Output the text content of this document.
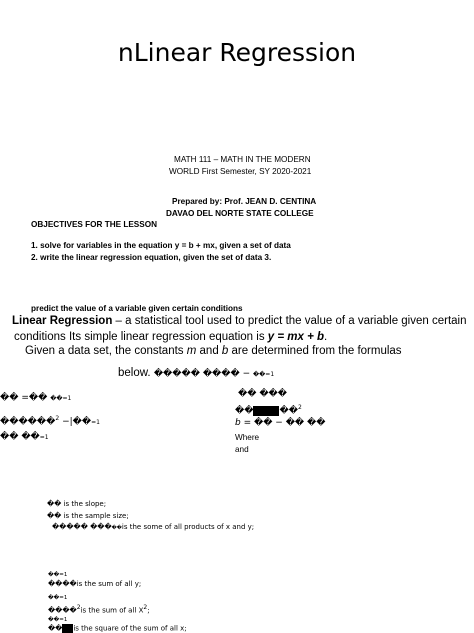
nLinear Regression
MATH 111 – MATH IN THE MODERN
WORLD First Semester, SY 2020-2021
Prepared by: Prof. JEAN D. CENTINA
DAVAO DEL NORTE STATE COLLEGE
OBJECTIVES FOR THE LESSON
1. solve for variables in the equation y = b + mx, given a set of data
2. write the linear regression equation, given the set of data 3.
predict the value of a variable given certain conditions
Linear Regression – a statistical tool used to predict the value of a variable given certain
conditions Its simple linear regression equation is y = mx + b.
Given a data set, the constants m and b are determined from the formulas
below. ����� ���� − ��=1
�� =�� ��=1
������$^2$ −|��=1
�� ��=1
�� ���
��	��$^2$
b = �� − �� ��
Where
and
�� is the slope;
�� is the sample size;
����� �����is the some of all products of x and y;
��=1
����is the sum of all y;
��=1
����$^2$is the sum of all $X^2$;
��=1
�� is the square of the sum of all x;
